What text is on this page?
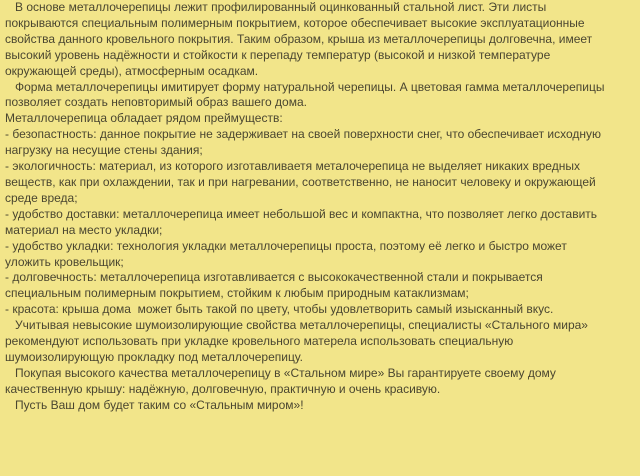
В основе металлочерепицы лежит профилированный оцинкованный стальной лист. Эти листы

покрываются специальным полимерным покрытием, которое обеспечивает высокие эксплуатационные

свойства данного кровельного покрытия. Таким образом, крыша из металлочерепицы долговечна, имеет

высокий уровень надёжности и стойкости к перепаду температур (высокой и низкой температуре

окружающей среды), атмосферным осадкам.

Форма металлочерепицы имитирует форму натуральной черепицы. А цветовая гамма металлочерепицы

позволяет создать неповторимый образ вашего дома.

Металлочерепица обладает рядом преймуществ:

- безопастность: данное покрытие не задерживает на своей поверхности снег, что обеспечивает исходную

нагрузку на несущие стены здания;

- экологичность: материал, из которого изготавливаетя металочерепица не выделяет никаких вредных

веществ, как при охлаждении, так и при нагревании, соответственно, не наносит человеку и окружающей

среде вреда;

- удобство доставки: металлочерепица имеет небольшой вес и компактна, что позволяет легко доставить

материал на место укладки;

- удобство укладки: технология укладки металлочерепицы проста, поэтому её легко и быстро может

уложить кровельщик;

- долговечность: металлочерепица изготавливается с высококачественной стали и покрывается

специальным полимерным покрытием, стойким к любым природным катаклизмам;

- красота: крыша дома  может быть такой по цвету, чтобы удовлетворить самый изысканный вкус.

Учитывая невысокие шумоизолирующие свойства металлочерепицы, специалисты «Стального мира»

рекомендуют использовать при укладке кровельного матерела использовать специальную

шумоизолирующую прокладку под металлочерепицу.

Покупая высокого качества металлочерепицу в «Стальном мире» Вы гарантируете своему дому

качественную крышу: надёжную, долговечную, практичную и очень красивую.

Пусть Ваш дом будет таким со «Стальным миром»!
